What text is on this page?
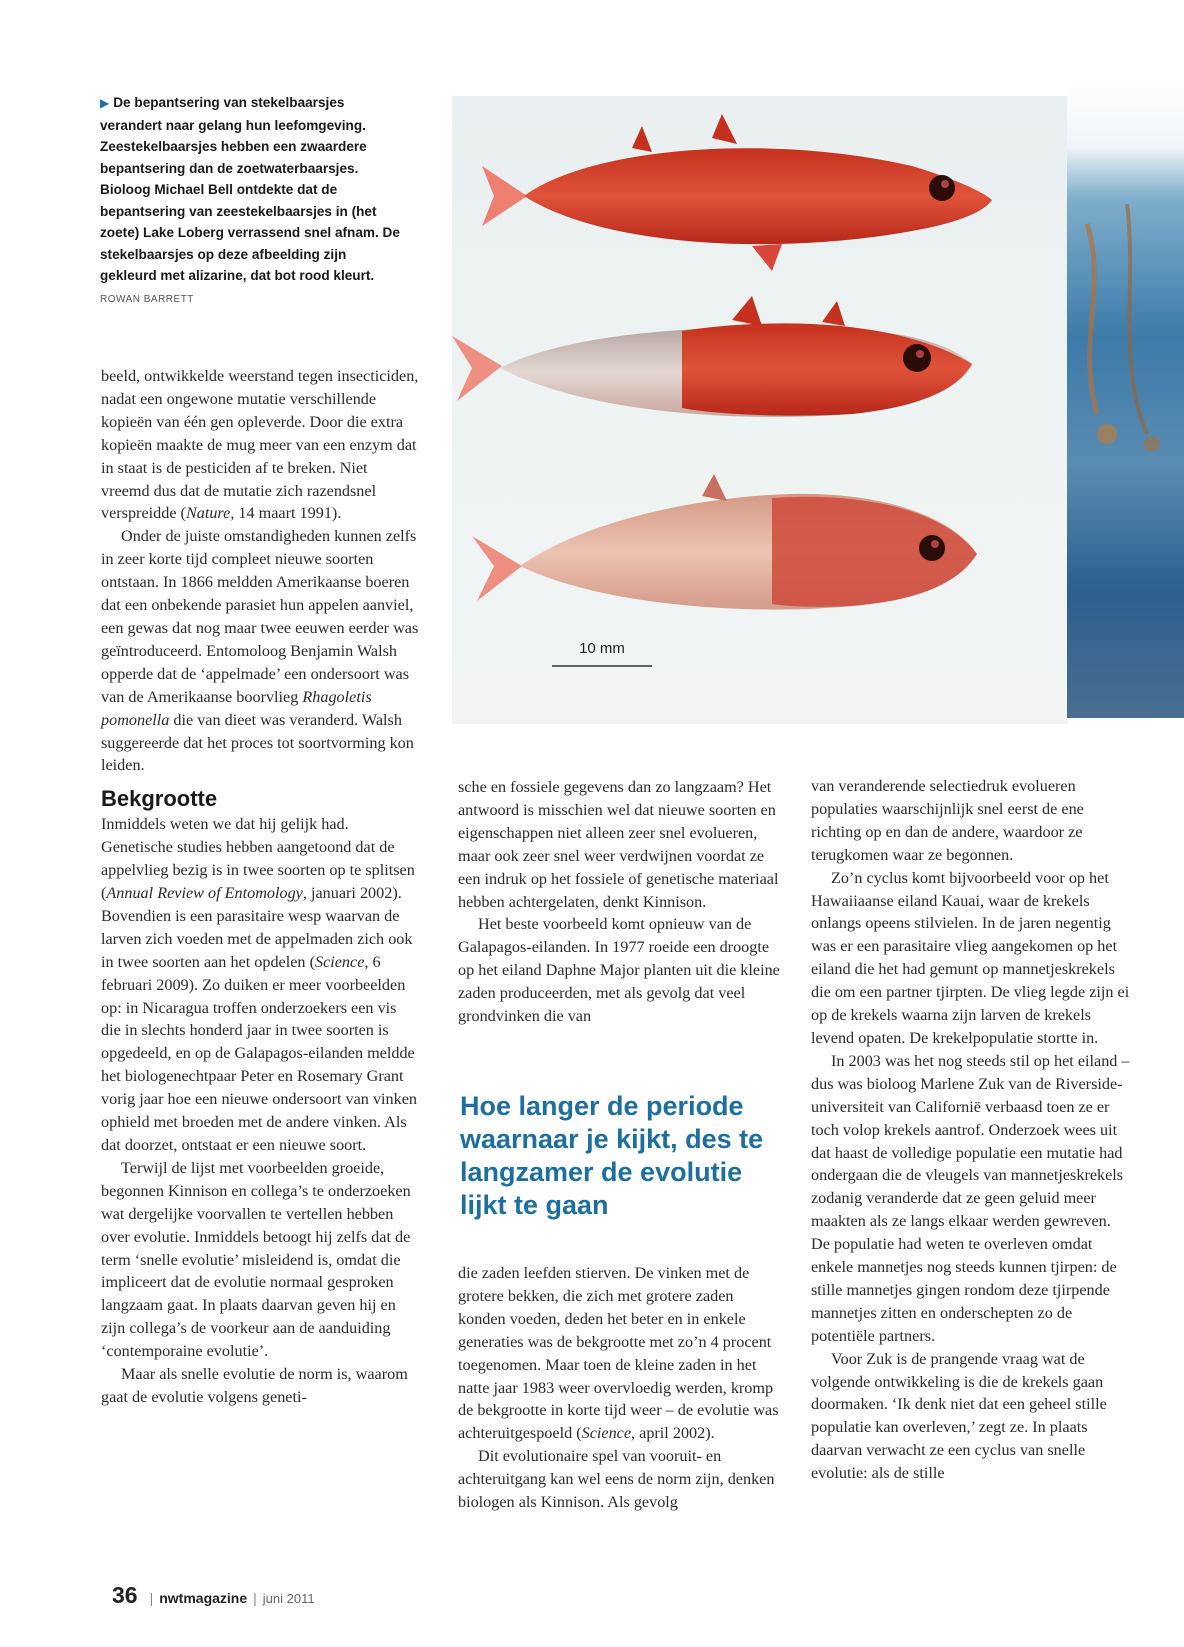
▶ De bepantsering van stekelbaarsjes verandert naar gelang hun leefomgeving. Zeestekelbaarsjes hebben een zwaardere bepantsering dan de zoetwaterbaarsjes. Bioloog Michael Bell ontdekte dat de bepantsering van zeestekelbaarsjes in (het zoete) Lake Loberg verrassend snel afnam. De stekelbaarsjes op deze afbeelding zijn gekleurd met alizarine, dat bot rood kleurt. ROWAN BARRETT
10 mm

beeld, ontwikkelde weerstand tegen insecticiden, nadat een ongewone mutatie verschillende kopieën van één gen opleverde. Door die extra kopieën maakte de mug meer van een enzym dat in staat is de pesticiden af te breken. Niet vreemd dus dat de mutatie zich razendsnel verspreidde (Nature, 14 maart 1991).

Onder de juiste omstandigheden kunnen zelfs in zeer korte tijd compleet nieuwe soorten ontstaan. In 1866 meldden Amerikaanse boeren dat een onbekende parasiet hun appelen aanviel, een gewas dat nog maar twee eeuwen eerder was geïntroduceerd. Entomoloog Benjamin Walsh opperde dat de ‘appelmade’ een ondersoort was van de Amerikaanse boorvlieg Rhagoletis pomonella die van dieet was veranderd. Walsh suggereerde dat het proces tot soortvorming kon leiden.

Bekgrootte

Inmiddels weten we dat hij gelijk had. Genetische studies hebben aangetoond dat de appelvlieg bezig is in twee soorten op te splitsen (Annual Review of Entomology, januari 2002). Bovendien is een parasitaire wesp waarvan de larven zich voeden met de appelmaden zich ook in twee soorten aan het opdelen (Science, 6 februari 2009). Zo duiken er meer voorbeelden op: in Nicaragua troffen onderzoekers een vis die in slechts honderd jaar in twee soorten is opgedeeld, en op de Galapagos-eilanden meldde het biologenechtpaar Peter en Rosemary Grant vorig jaar hoe een nieuwe ondersoort van vinken ophield met broeden met de andere vinken. Als dat doorzet, ontstaat er een nieuwe soort.

Terwijl de lijst met voorbeelden groeide, begonnen Kinnison en collega’s te onderzoeken wat dergelijke voorvallen te vertellen hebben over evolutie. Inmiddels betoogt hij zelfs dat de term ‘snelle evolutie’ misleidend is, omdat die impliceert dat de evolutie normaal gesproken langzaam gaat. In plaats daarvan geven hij en zijn collega’s de voorkeur aan de aanduiding ‘contemporaine evolutie’.

Maar als snelle evolutie de norm is, waarom gaat de evolutie volgens geneti-

sche en fossiele gegevens dan zo langzaam? Het antwoord is misschien wel dat nieuwe soorten en eigenschappen niet alleen zeer snel evolueren, maar ook zeer snel weer verdwijnen voordat ze een indruk op het fossiele of genetische materiaal hebben achtergelaten, denkt Kinnison.

Het beste voorbeeld komt opnieuw van de Galapagos-eilanden. In 1977 roeide een droogte op het eiland Daphne Major planten uit die kleine zaden produceerden, met als gevolg dat veel grondvinken die van

Hoe langer de periode waarnaar je kijkt, des te langzamer de evolutie lijkt te gaan

die zaden leefden stierven. De vinken met de grotere bekken, die zich met grotere zaden konden voeden, deden het beter en in enkele generaties was de bekgrootte met zo’n 4 procent toegenomen. Maar toen de kleine zaden in het natte jaar 1983 weer overvloedig werden, kromp de bekgrootte in korte tijd weer – de evolutie was achteruitgespoeld (Science, april 2002).

Dit evolutionaire spel van vooruit- en achteruitgang kan wel eens de norm zijn, denken biologen als Kinnison. Als gevolg

van veranderende selectiedruk evolueren populaties waarschijnlijk snel eerst de ene richting op en dan de andere, waardoor ze terugkomen waar ze begonnen.

Zo’n cyclus komt bijvoorbeeld voor op het Hawaiiaanse eiland Kauai, waar de krekels onlangs opeens stilvielen. In de jaren negentig was er een parasitaire vlieg aangekomen op het eiland die het had gemunt op mannetjeskrekels die om een partner tjirpten. De vlieg legde zijn ei op de krekels waarna zijn larven de krekels levend opaten. De krekelpopulatie stortte in.

In 2003 was het nog steeds stil op het eiland – dus was bioloog Marlene Zuk van de Riverside-universiteit van Californië verbaasd toen ze er toch volop krekels aantrof. Onderzoek wees uit dat haast de volledige populatie een mutatie had ondergaan die de vleugels van mannetjeskrekels zodanig veranderde dat ze geen geluid meer maakten als ze langs elkaar werden gewreven. De populatie had weten te overleven omdat enkele mannetjes nog steeds kunnen tjirpen: de stille mannetjes gingen rondom deze tjirpende mannetjes zitten en onderschepten zo de potentiële partners.

Voor Zuk is de prangende vraag wat de volgende ontwikkeling is die de krekels gaan doormaken. ‘Ik denk niet dat een geheel stille populatie kan overleven,’ zegt ze. In plaats daarvan verwacht ze een cyclus van snelle evolutie: als de stille

36 | nwtmagazine | juni 2011
